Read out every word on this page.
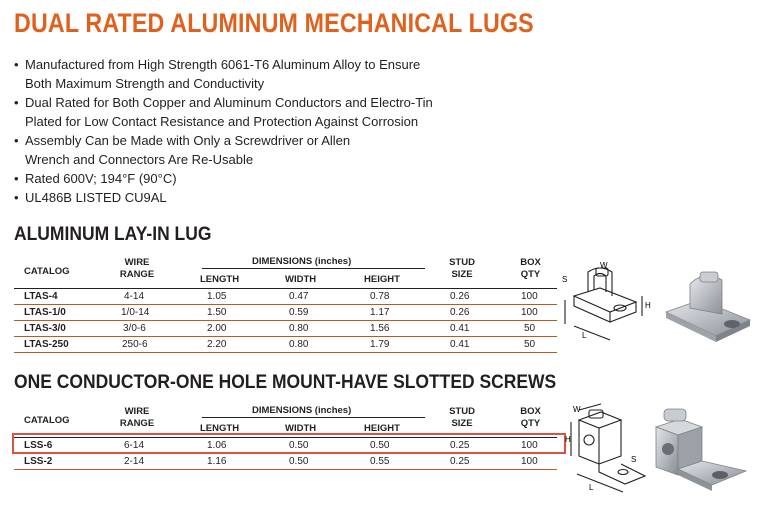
DUAL RATED ALUMINUM MECHANICAL LUGS
• Manufactured from High Strength 6061-T6 Aluminum Alloy to Ensure
Both Maximum Strength and Conductivity
• Dual Rated for Both Copper and Aluminum Conductors and Electro-Tin
Plated for Low Contact Resistance and Protection Against Corrosion
• Assembly Can be Made with Only a Screwdriver or Allen
Wrench and Connectors Are Re-Usable
• Rated 600V; 194°F (90°C)
• UL486B LISTED CU9AL
ALUMINUM LAY-IN LUG
CATALOG
WIRE
RANGE
DIMENSIONS (inches)
LENGTH	WIDTH	HEIGHT
STUD
SIZE
BOX
QTY
LTAS-4	4-14	1.05	0.47	0.78	0.26	100
LTAS-1/0	1/0-14	1.50	0.59	1.17	0.26	100
LTAS-3/0	3/0-6	2.00	0.80	1.56	0.41	50
LTAS-250	250-6	2.20	0.80	1.79	0.41	50
S
W
H
L
ONE CONDUCTOR-ONE HOLE MOUNT-HAVE SLOTTED SCREWS
CATALOG
WIRE
RANGE
DIMENSIONS (inches)
LENGTH	WIDTH	HEIGHT
STUD
SIZE
BOX
QTY
LSS-6	6-14	1.06	0.50	0.50	0.25	100
LSS-2	2-14	1.16	0.50	0.55	0.25	100
H
W
S
L
